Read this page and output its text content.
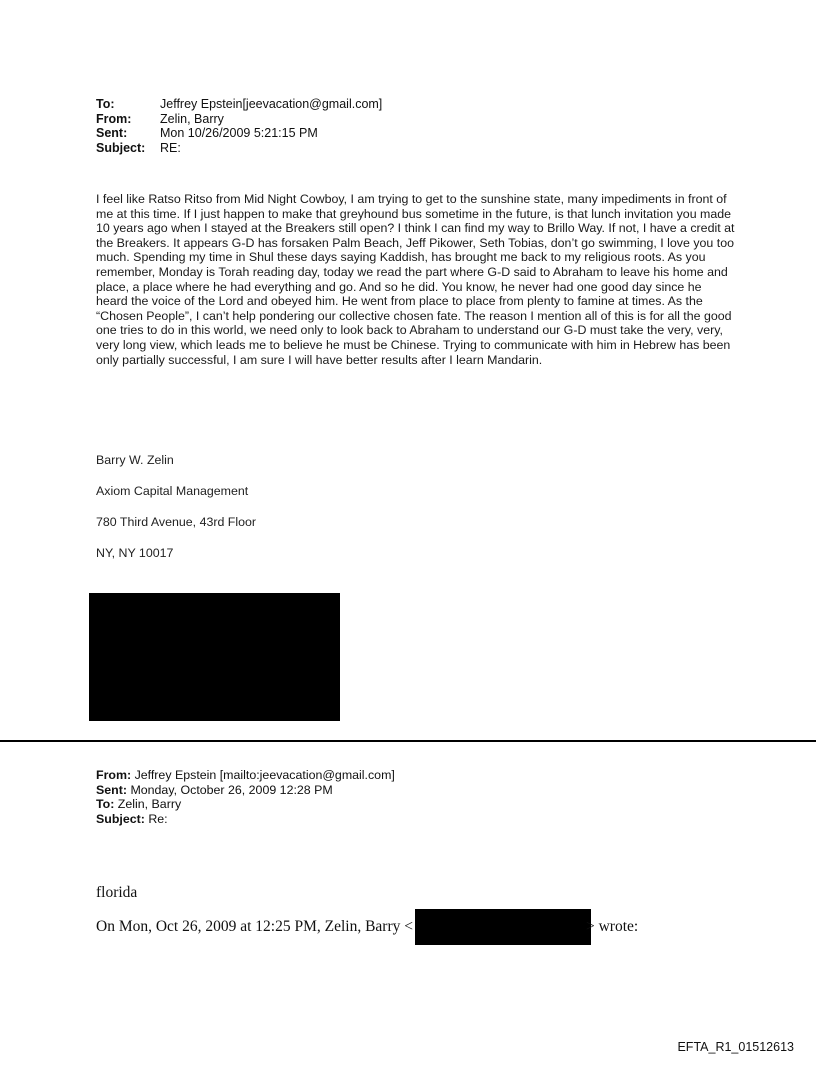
To:	Jeffrey Epstein[jeevacation@gmail.com]
From:	Zelin, Barry
Sent:	Mon 10/26/2009 5:21:15 PM
Subject:	RE:
I feel like Ratso Ritso from Mid Night Cowboy, I am trying to get to the sunshine state, many impediments in front of me at this time. If I just happen to make that greyhound bus sometime in the future, is that lunch invitation you made 10 years ago when I stayed at the Breakers still open? I think I can find my way to Brillo Way. If not, I have a credit at the Breakers. It appears G-D has forsaken Palm Beach, Jeff Pikower, Seth Tobias, don’t go swimming, I love you too much. Spending my time in Shul these days saying Kaddish, has brought me back to my religious roots. As you remember, Monday is Torah reading day, today we read the part where G-D said to Abraham to leave his home and place, a place where he had everything and go. And so he did. You know, he never had one good day since he heard the voice of the Lord and obeyed him. He went from place to place from plenty to famine at times. As the “Chosen People”, I can’t help pondering our collective chosen fate. The reason I mention all of this is for all the good one tries to do in this world, we need only to look back to Abraham to understand our G-D must take the very, very, very long view, which leads me to believe he must be Chinese. Trying to communicate with him in Hebrew has been only partially successful, I am sure I will have better results after I learn Mandarin.
Barry W. Zelin
Axiom Capital Management
780 Third Avenue, 43rd Floor
NY, NY 10017
From: Jeffrey Epstein [mailto:jeevacation@gmail.com]
Sent: Monday, October 26, 2009 12:28 PM
To: Zelin, Barry
Subject: Re:
florida
On Mon, Oct 26, 2009 at 12:25 PM, Zelin, Barry <	> wrote:
EFTA_R1_01512613
